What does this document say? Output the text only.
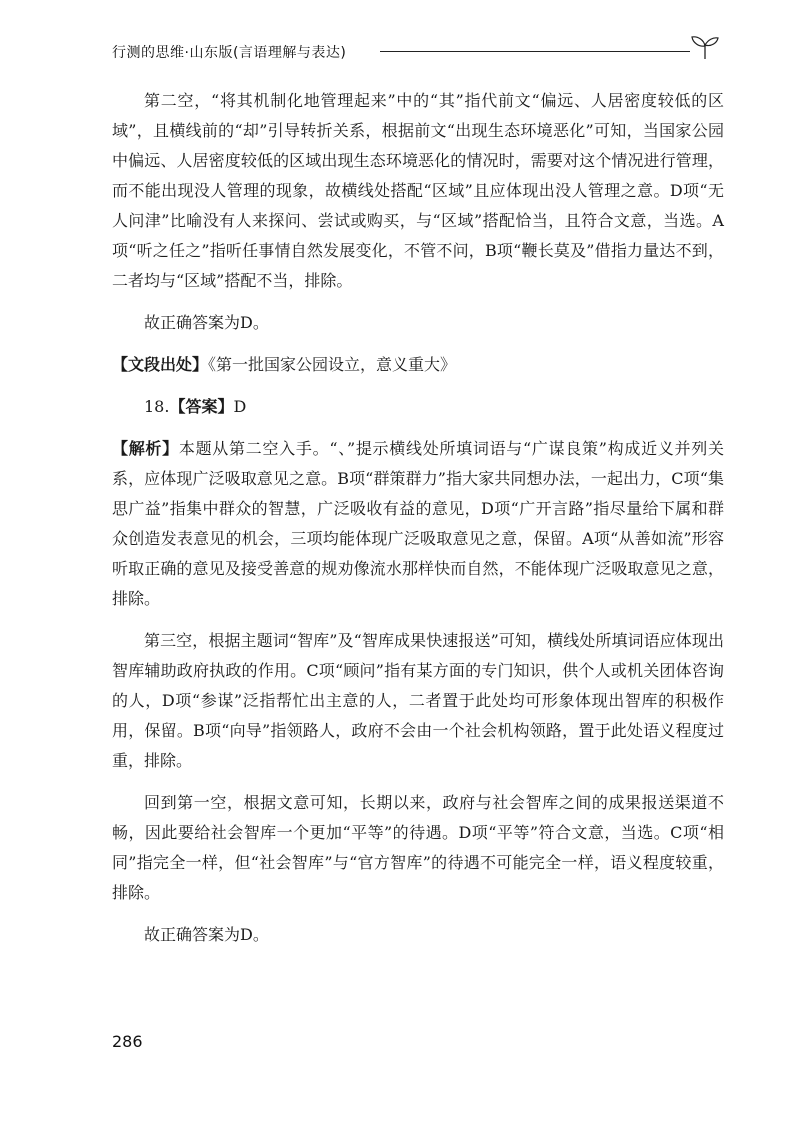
行测的思维·山东版(言语理解与表达)

第二空，“将其机制化地管理起来”中的“其”指代前文“偏远、人居密度较低的区域”，且横线前的“却”引导转折关系，根据前文“出现生态环境恶化”可知，当国家公园中偏远、人居密度较低的区域出现生态环境恶化的情况时，需要对这个情况进行管理，而不能出现没人管理的现象，故横线处搭配“区域”且应体现出没人管理之意。D项“无人问津”比喻没有人来探问、尝试或购买，与“区域”搭配恰当，且符合文意，当选。A项“听之任之”指听任事情自然发展变化，不管不问，B项“鞭长莫及”借指力量达不到，二者均与“区域”搭配不当，排除。

故正确答案为D。

【文段出处】《第一批国家公园设立，意义重大》

18.【答案】D

【解析】本题从第二空入手。“、”提示横线处所填词语与“广谋良策”构成近义并列关系，应体现广泛吸取意见之意。B项“群策群力”指大家共同想办法，一起出力，C项“集思广益”指集中群众的智慧，广泛吸收有益的意见，D项“广开言路”指尽量给下属和群众创造发表意见的机会，三项均能体现广泛吸取意见之意，保留。A项“从善如流”形容听取正确的意见及接受善意的规劝像流水那样快而自然，不能体现广泛吸取意见之意，排除。

第三空，根据主题词“智库”及“智库成果快速报送”可知，横线处所填词语应体现出智库辅助政府执政的作用。C项“顾问”指有某方面的专门知识，供个人或机关团体咨询的人，D项“参谋”泛指帮忙出主意的人，二者置于此处均可形象体现出智库的积极作用，保留。B项“向导”指领路人，政府不会由一个社会机构领路，置于此处语义程度过重，排除。

回到第一空，根据文意可知，长期以来，政府与社会智库之间的成果报送渠道不畅，因此要给社会智库一个更加“平等”的待遇。D项“平等”符合文意，当选。C项“相同”指完全一样，但“社会智库”与“官方智库”的待遇不可能完全一样，语义程度较重，排除。

故正确答案为D。

286
